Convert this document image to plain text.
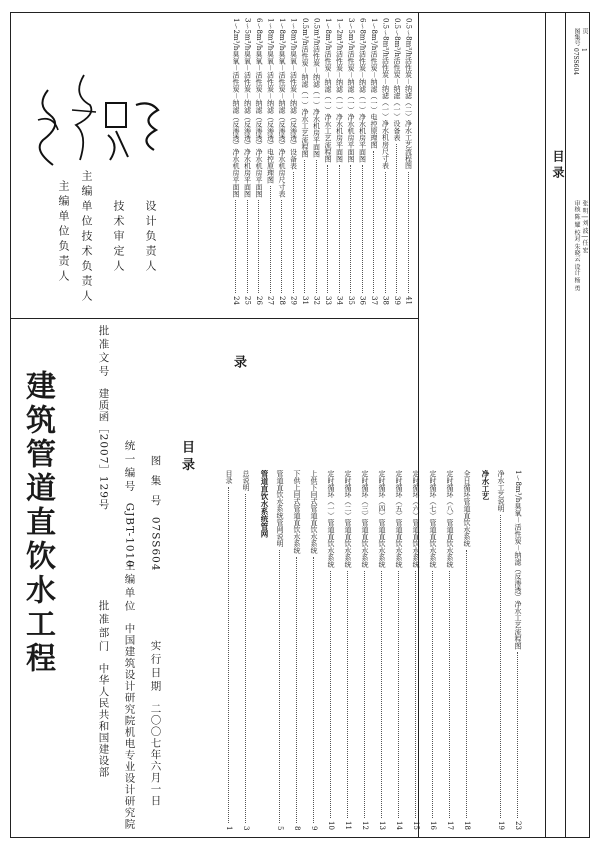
建筑管道直饮水工程	批准部门  中华人民共和国建设部
主编单位  中国建筑设计研究院机电专业设计研究院 实行日期  二〇〇七年六月一日
批准文号  建质函［2007］129号 统一编号  GJBT-1010
图 集 号  07SS604
目 录
目录
1
总说明
3
管道直饮水系统管网 管道直饮水系统管网说明
5
下供上回式管道直饮水系统
8
上供下回式管道直饮水系统
9
定时循环（一）管道直饮水系统
10
定时循环（二）管道直饮水系统
11
定时循环（三）管道直饮水系统
12
定时循环（四）管道直饮水系统
13
定时循环（五）管道直饮水系统
14
定时循环（六）管道直饮水系统
15
定时循环（七）管道直饮水系统
16
定时循环（八）管道直饮水系统
17
全日循环管道直饮水系统
18
净水工艺 净水工艺说明
19
1～8m³/h臭氧－活性炭－纳滤（反渗透）净水工艺流程图
23
录
1～2m³/h臭氧－活性炭－纳滤（反渗透）净水机房平面图
24
3～5m³/h臭氧－活性炭－纳滤（反渗透）净水机房平面图
25
6～8m³/h臭氧－活性炭－纳滤（反渗透）净水机房平面图
26
1～8m³/h臭氧－活性炭－纳滤（反渗透）电控原理图
27
1～8m³/h臭氧－活性炭－纳滤（反渗透）净水机房尺寸表
28
1～8m³/h臭氧－活性炭－纳滤（反渗透）设备表
29
0.5m³/h活性炭－纳滤（一）净水工艺流程图
31
0.5m³/h活性炭－纳滤（一）净水机房平面图
32
1～8m³/h活性炭－纳滤（一）净水工艺流程图
33
1～2m³/h活性炭－纳滤（一）净水机房平面图
34
3～5m³/h活性炭－纳滤（一）净水机房平面图
35
6～8m³/h活性炭－纳滤（一）净水机房平面图
36
1～8m³/h活性炭－纳滤（一）电控原理图
37
0.5～8m³/h活性炭－纳滤（一）净水机房尺寸表
38
0.5～8m³/h活性炭－纳滤（一）设备表
39
0.5～8m³/h活性炭－纳滤（二）净水工艺流程图
41
主编单位负责人 主编单位技术负责人 技术审定人 设计负责人
目 录
审核 陈 耀 校对 朱晓云 设计 杨 勇
图集号
07SS604
页
1
张 明 | 刘 波 | 任 宏
